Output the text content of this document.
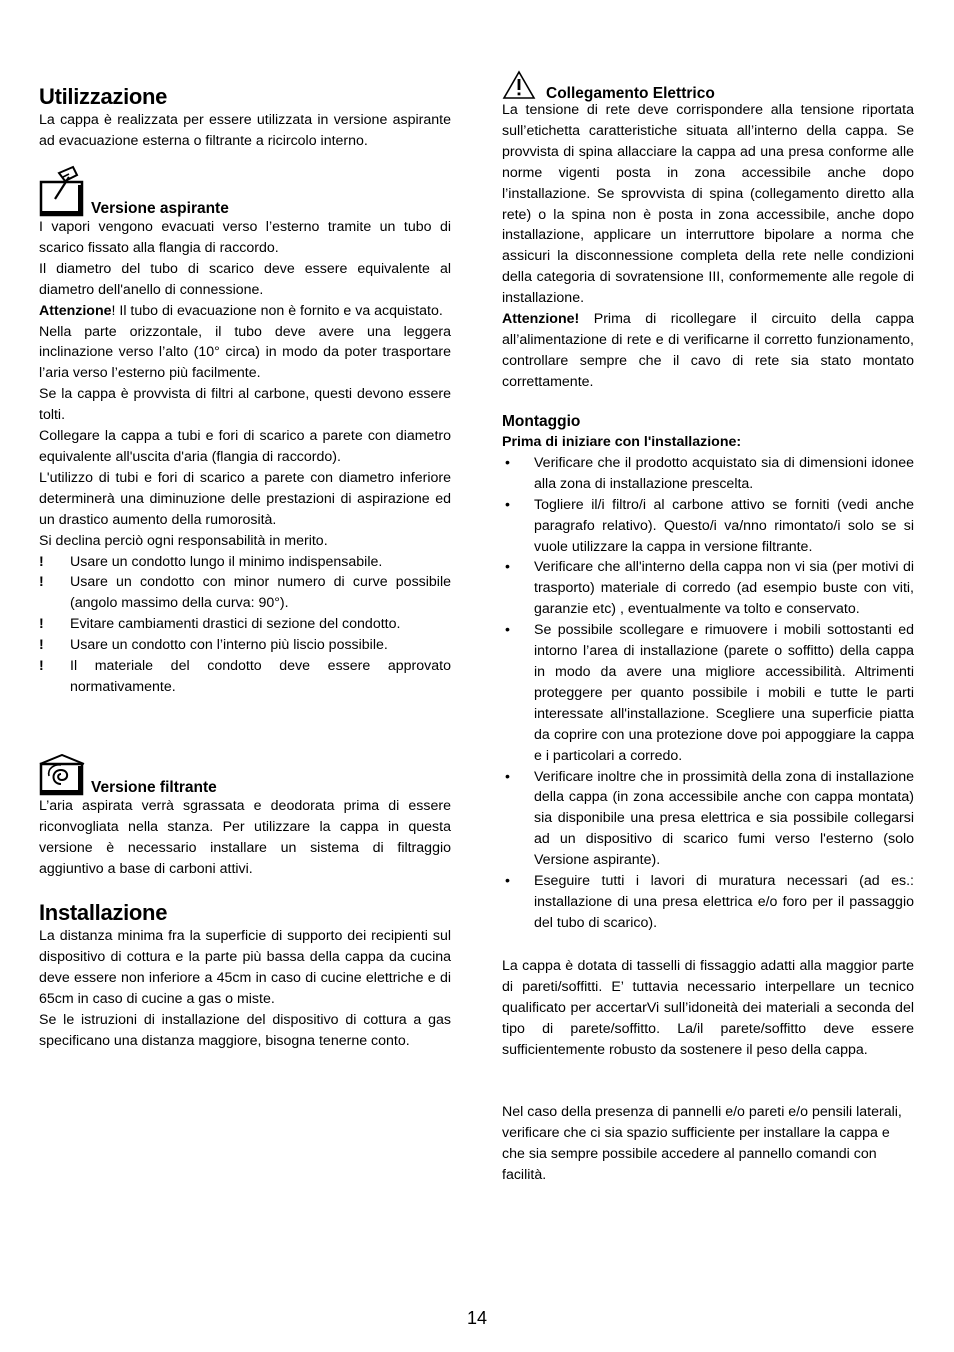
Utilizzazione

La cappa è realizzata per essere utilizzata in versione aspirante ad evacuazione esterna o filtrante a ricircolo interno.

Versione aspirante

I vapori vengono evacuati verso l’esterno tramite un tubo di scarico fissato alla flangia di raccordo.

Il diametro del tubo di scarico deve essere equivalente al diametro dell'anello di connessione.

Attenzione! Il tubo di evacuazione non è fornito e va acquistato.

Nella parte orizzontale, il tubo deve avere una leggera inclinazione verso l’alto (10° circa) in modo da poter trasportare l’aria verso l’esterno più facilmente.

Se la cappa è provvista di filtri al carbone, questi devono essere tolti.

Collegare la cappa a tubi e fori di scarico a parete con diametro equivalente all'uscita d'aria (flangia di raccordo).

L'utilizzo di tubi e fori di scarico a parete con diametro inferiore determinerà una diminuzione delle prestazioni di aspirazione ed un drastico aumento della rumorosità.

Si declina perciò ogni responsabilità in merito.

!	Usare un condotto lungo il minimo indispensabile.
!	Usare un condotto con minor numero di curve possibile (angolo massimo della curva: 90°).
!	Evitare cambiamenti drastici di sezione del condotto.
!	Usare un condotto con l’interno più liscio possibile.
!	Il materiale del condotto deve essere approvato normativamente.
Versione filtrante

L’aria aspirata verrà sgrassata e deodorata prima di essere riconvogliata nella stanza. Per utilizzare la cappa in questa versione è necessario installare un sistema di filtraggio aggiuntivo a base di carboni attivi.

Installazione

La distanza minima fra la superficie di supporto dei recipienti sul dispositivo di cottura e la parte più bassa della cappa da cucina deve essere non inferiore a 45cm in caso di cucine elettriche e di 65cm in caso di cucine a gas o miste.

Se le istruzioni di installazione del dispositivo di cottura a gas specificano una distanza maggiore, bisogna tenerne conto.

Collegamento Elettrico

La tensione di rete deve corrispondere alla tensione riportata sull’etichetta caratteristiche situata all’interno della cappa. Se provvista di spina allacciare la cappa ad una presa conforme alle norme vigenti posta in zona accessibile anche dopo l’installazione. Se sprovvista di spina (collegamento diretto alla rete) o la spina non è posta in zona accessibile, anche dopo installazione, applicare un interruttore bipolare a norma che assicuri la disconnessione completa della rete nelle condizioni della categoria di sovratensione III, conformemente alle regole di installazione.

Attenzione! Prima di ricollegare il circuito della cappa all’alimentazione di rete e di verificarne il corretto funzionamento, controllare sempre che il cavo di rete sia stato montato correttamente.

Montaggio
Prima di iniziare con l'installazione:
•	Verificare che il prodotto acquistato sia di dimensioni idonee alla zona di installazione prescelta.
•	Togliere il/i filtro/i al carbone attivo se forniti (vedi anche paragrafo relativo). Questo/i va/nno rimontato/i solo se si vuole utilizzare la cappa in versione filtrante.
•	Verificare che all'interno della cappa non vi sia (per motivi di trasporto) materiale di corredo (ad esempio buste con viti, garanzie etc) , eventualmente va tolto e conservato.
•	Se possibile scollegare e rimuovere i mobili sottostanti ed intorno l’area di installazione (parete o soffitto) della cappa in modo da avere una migliore accessibilità. Altrimenti proteggere per quanto possibile i mobili e tutte le parti interessate all'installazione. Scegliere una superficie piatta da coprire con una protezione dove poi appoggiare la cappa e i particolari a corredo.
•	Verificare inoltre che in prossimità della zona di installazione della cappa (in zona accessibile anche con cappa montata) sia disponibile una presa elettrica e sia possibile collegarsi ad un dispositivo di scarico fumi verso l'esterno (solo Versione aspirante).
•	Eseguire tutti i lavori di muratura necessari (ad es.: installazione di una presa elettrica e/o foro per il passaggio del tubo di scarico).

La cappa è dotata di tasselli di fissaggio adatti alla maggior parte di pareti/soffitti. E’ tuttavia necessario interpellare un tecnico qualificato per accertarVi sull’idoneità dei materiali a seconda del tipo di parete/soffitto. La/il parete/soffitto deve essere sufficientemente robusto da sostenere il peso della cappa.

Nel caso della presenza di pannelli e/o pareti e/o pensili laterali, verificare che ci sia spazio sufficiente per installare la cappa e che sia sempre possibile accedere al pannello comandi con facilità.

14
